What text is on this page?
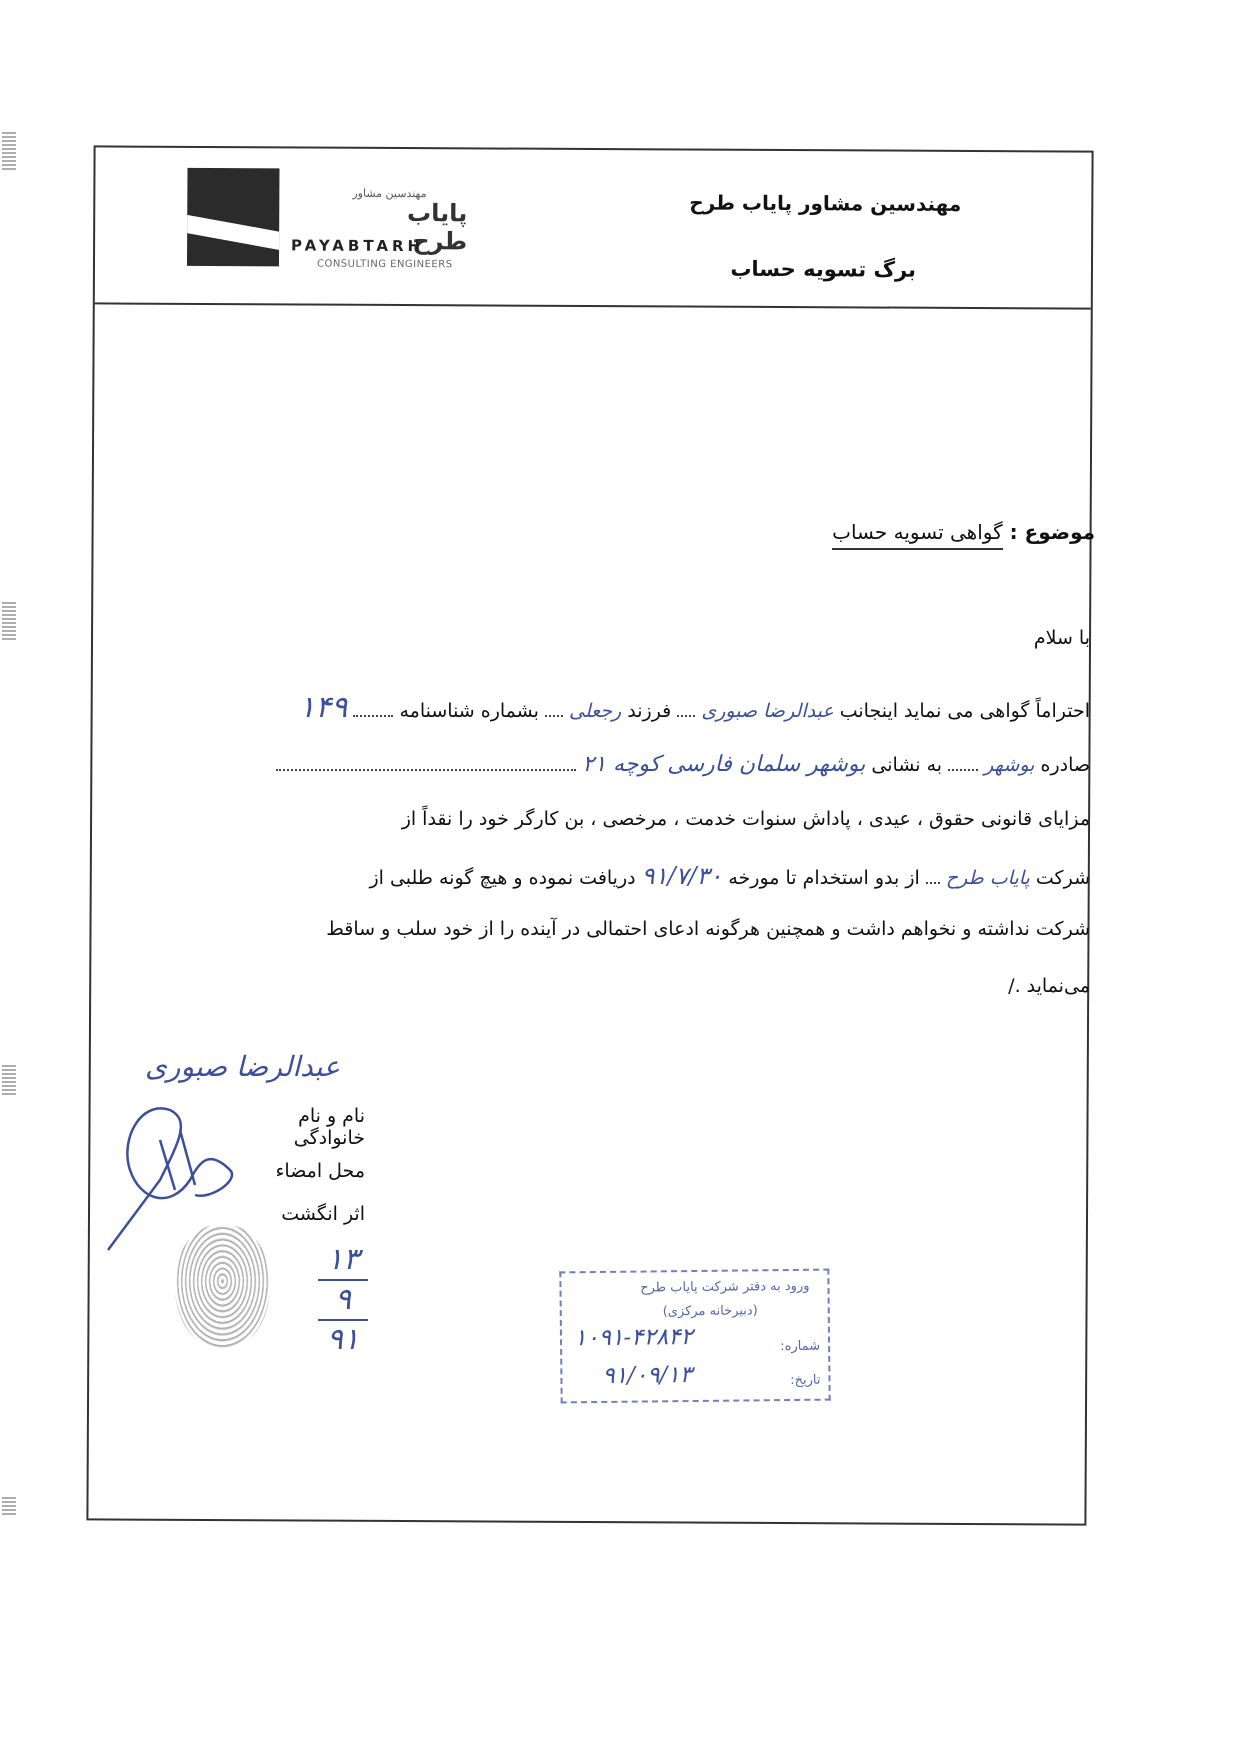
مهندسین مشاور
پایاب طرح
PAYABTARH
CONSULTING ENGINEERS
مهندسین مشاور پایاب طرح
برگ تسویه حساب
موضوع : گواهی تسویه حساب
با سلام
احتراماً گواهی می نماید اینجانب عبدالرضا صبوری  فرزند رجعلی  بشماره شناسنامه  ۱۴۹
صادره بوشهر  به نشانی بوشهر سلمان فارسی کوچه ۲۱
مزایای قانونی حقوق ، عیدی ، پاداش سنوات خدمت ، مرخصی ، بن کارگر خود را نقداً از
شرکت پایاب طرح  از بدو استخدام تا مورخه ۹۱/۷/۳۰ دریافت نموده و هیچ گونه طلبی از
شرکت نداشته و نخواهم داشت و همچنین هرگونه ادعای احتمالی در آینده را از خود سلب و ساقط
می‌نماید ./
عبدالرضا صبوری
نام و نام خانوادگی
محل امضاء
اثر انگشت
۱۳
۹
۹۱
ورود به دفتر شرکت پایاب طرح
(دبیرخانه مرکزی)
شماره:
۱۰۹۱-۴۲۸۴۲
تاریخ:
۹۱/۰۹/۱۳
